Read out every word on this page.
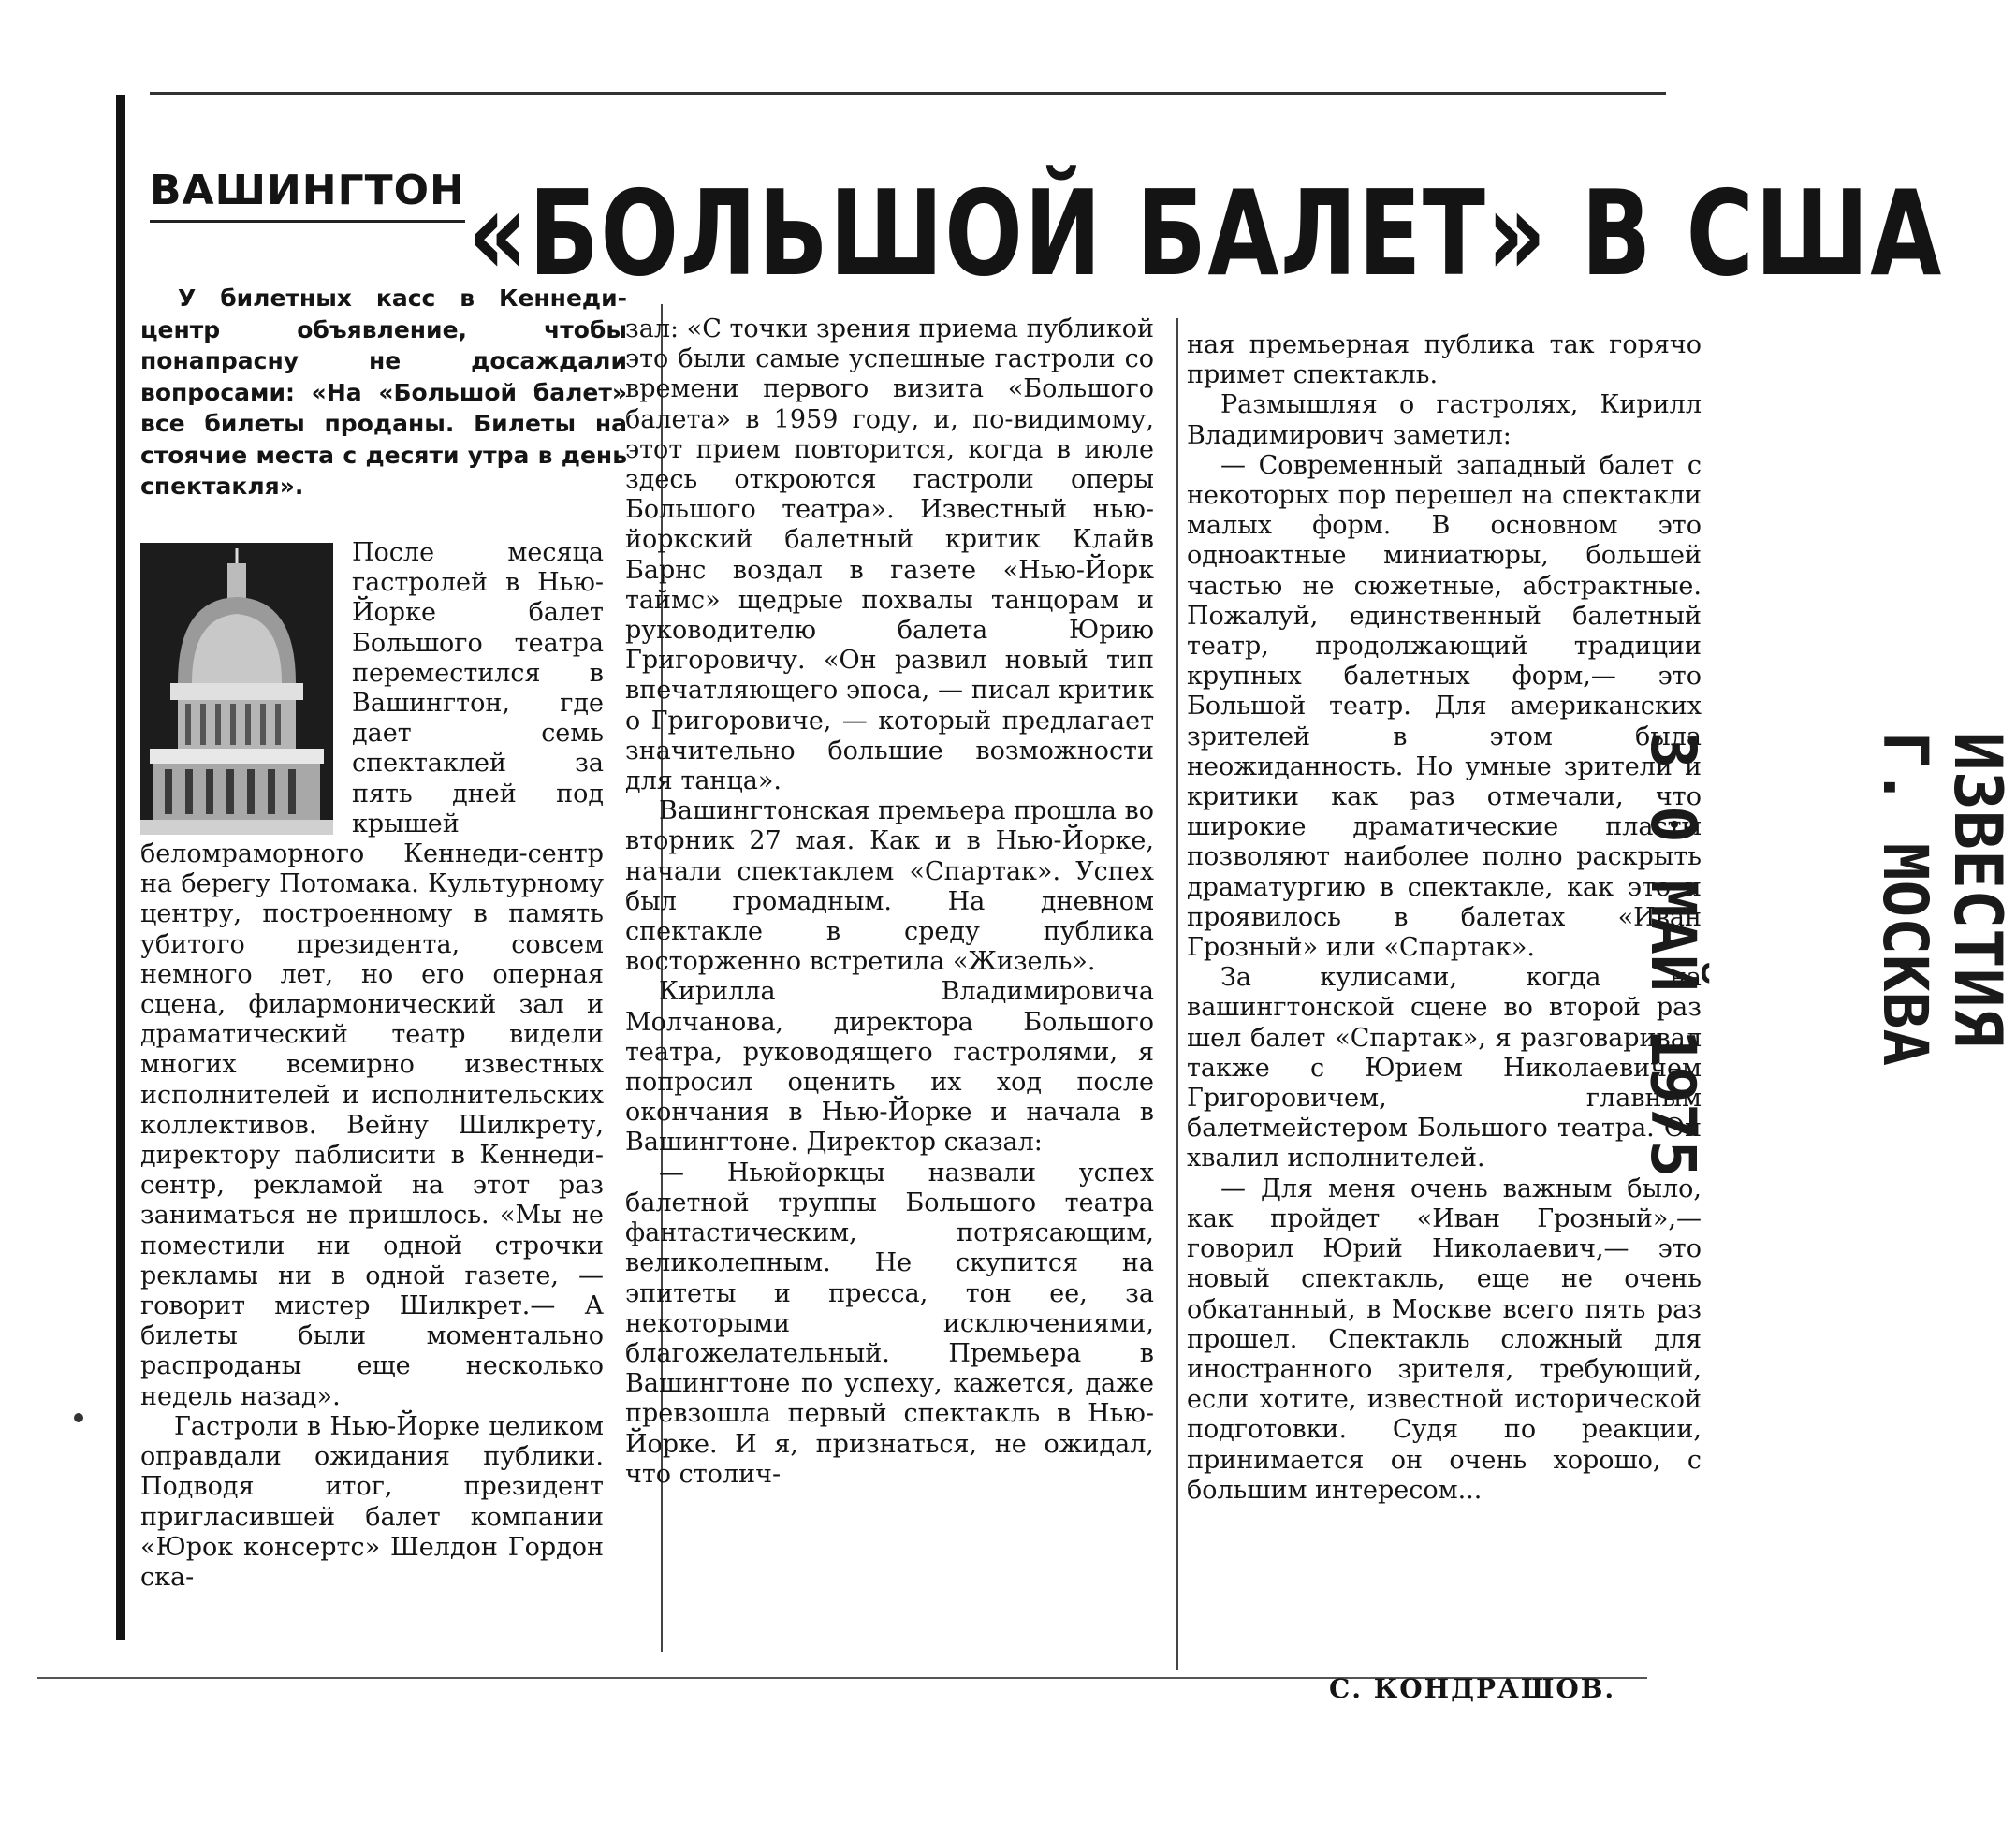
ВАШИНГТОН «БОЛЬШОЙ БАЛЕТ» В США
У билетных касс в Кеннеди-центр объявление, чтобы понапрасну не досаждали вопросами: «На «Большой балет» все билеты проданы. Билеты на стоячие места с десяти утра в день спектакля».

После месяца гастролей в Нью-Йорке балет Большого театра переместился в Вашингтон, где дает семь спектаклей за пять дней под крышей беломраморного Кеннеди-сентр на берегу Потомака. Культурному центру, построенному в память убитого президента, совсем немного лет, но его оперная сцена, филармонический зал и драматический театр видели многих всемирно известных исполнителей и исполнительских коллективов. Вейну Шилкрету, директору паблисити в Кеннеди-сентр, рекламой на этот раз заниматься не пришлось. «Мы не поместили ни одной строчки рекламы ни в одной газете, — говорит мистер Шилкрет.— А билеты были моментально распроданы еще несколько недель назад».

Гастроли в Нью-Йорке целиком оправдали ожидания публики. Подводя итог, президент пригласившей балет компании «Юрок консертс» Шелдон Гордон ска-

зал: «С точки зрения приема публикой это были самые успешные гастроли со времени первого визита «Большого балета» в 1959 году, и, по-видимому, этот прием повторится, когда в июле здесь откроются гастроли оперы Большого театра». Известный нью-йоркский балетный критик Клайв Барнс воздал в газете «Нью-Йорк таймс» щедрые похвалы танцорам и руководителю балета Юрию Григоровичу. «Он развил новый тип впечатляющего эпоса, — писал критик о Григоровиче, — который предлагает значительно большие возможности для танца».

Вашингтонская премьера прошла во вторник 27 мая. Как и в Нью-Йорке, начали спектаклем «Спартак». Успех был громадным. На дневном спектакле в среду публика восторженно встретила «Жизель».

Кирилла Владимировича Молчанова, директора Большого театра, руководящего гастролями, я попросил оценить их ход после окончания в Нью-Йорке и начала в Вашингтоне. Директор сказал:

— Ньюйоркцы назвали успех балетной труппы Большого театра фантастическим, потрясающим, великолепным. Не скупится на эпитеты и пресса, тон ее, за некоторыми исключениями, благожелательный. Премьера в Вашингтоне по успеху, кажется, даже превзошла первый спектакль в Нью-Йорке. И я, признаться, не ожидал, что столич-

ная премьерная публика так горячо примет спектакль.

Размышляя о гастролях, Кирилл Владимирович заметил:

— Современный западный балет с некоторых пор перешел на спектакли малых форм. В основном это одноактные миниатюры, большей частью не сюжетные, абстрактные. Пожалуй, единственный балетный театр, продолжающий традиции крупных балетных форм,— это Большой театр. Для американских зрителей в этом была неожиданность. Но умные зрители и критики как раз отмечали, что широкие драматические пласты позволяют наиболее полно раскрыть драматургию в спектакле, как это и проявилось в балетах «Иван Грозный» или «Спартак».

За кулисами, когда на вашингтонской сцене во второй раз шел балет «Спартак», я разговаривал также с Юрием Николаевичем Григоровичем, главным балетмейстером Большого театра. Он хвалил исполнителей.

— Для меня очень важным было, как пройдет «Иван Грозный»,— говорил Юрий Николаевич,— это новый спектакль, еще не очень обкатанный, в Москве всего пять раз прошел. Спектакль сложный для иностранного зрителя, требующий, если хотите, известной исторической подготовки. Судя по реакции, принимается он очень хорошо, с большим интересом...

С. КОНДРАШОВ.
ИЗВЕСТИЯ
Г. МОСКВА
3 0 МАЙ 1975
